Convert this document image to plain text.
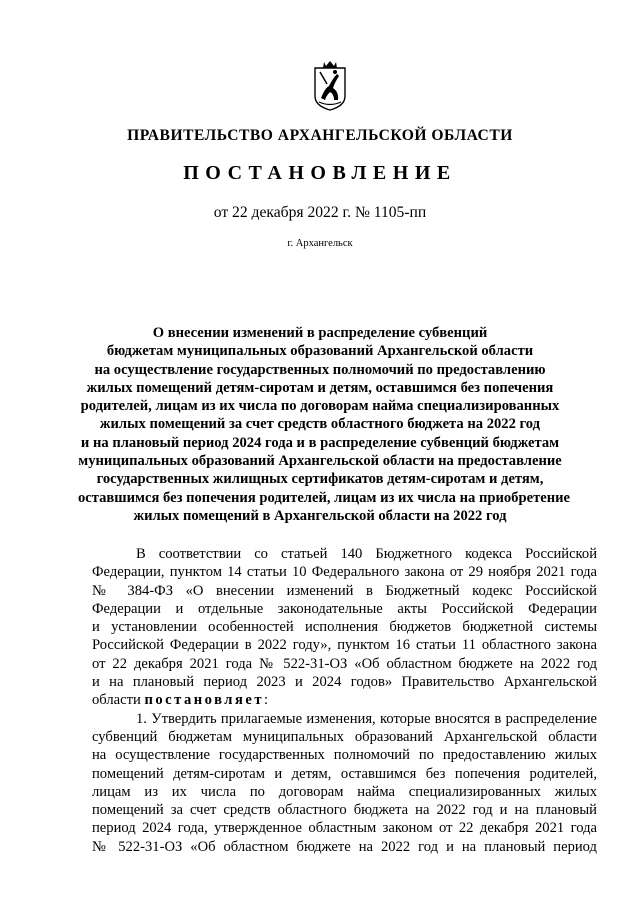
ПРАВИТЕЛЬСТВО АРХАНГЕЛЬСКОЙ ОБЛАСТИ
ПОСТАНОВЛЕНИЕ
от 22 декабря 2022 г. № 1105-пп
г. Архангельск
О внесении изменений в распределение субвенций
бюджетам муниципальных образований Архангельской области
на осуществление государственных полномочий по предоставлению
жилых помещений детям-сиротам и детям, оставшимся без попечения
родителей, лицам из их числа по договорам найма специализированных
жилых помещений за счет средств областного бюджета на 2022 год
и на плановый период 2024 года и в распределение субвенций бюджетам
муниципальных образований Архангельской области на предоставление
государственных жилищных сертификатов детям-сиротам и детям,
оставшимся без попечения родителей, лицам из их числа на приобретение
жилых помещений в Архангельской области на 2022 год
В соответствии со статьей 140 Бюджетного кодекса Российской
Федерации, пунктом 14 статьи 10 Федерального закона от 29 ноября 2021 года
№ 384-ФЗ «О внесении изменений в Бюджетный кодекс Российской
Федерации и отдельные законодательные акты Российской Федерации
и установлении особенностей исполнения бюджетов бюджетной системы
Российской Федерации в 2022 году», пунктом 16 статьи 11 областного закона
от 22 декабря 2021 года № 522-31-ОЗ «Об областном бюджете на 2022 год
и на плановый период 2023 и 2024 годов» Правительство Архангельской
области постановляет:
1. Утвердить прилагаемые изменения, которые вносятся в распределение
субвенций бюджетам муниципальных образований Архангельской области
на осуществление государственных полномочий по предоставлению жилых
помещений детям-сиротам и детям, оставшимся без попечения родителей,
лицам из их числа по договорам найма специализированных жилых
помещений за счет средств областного бюджета на 2022 год и на плановый
период 2024 года, утвержденное областным законом от 22 декабря 2021 года
№ 522-31-ОЗ «Об областном бюджете на 2022 год и на плановый период
